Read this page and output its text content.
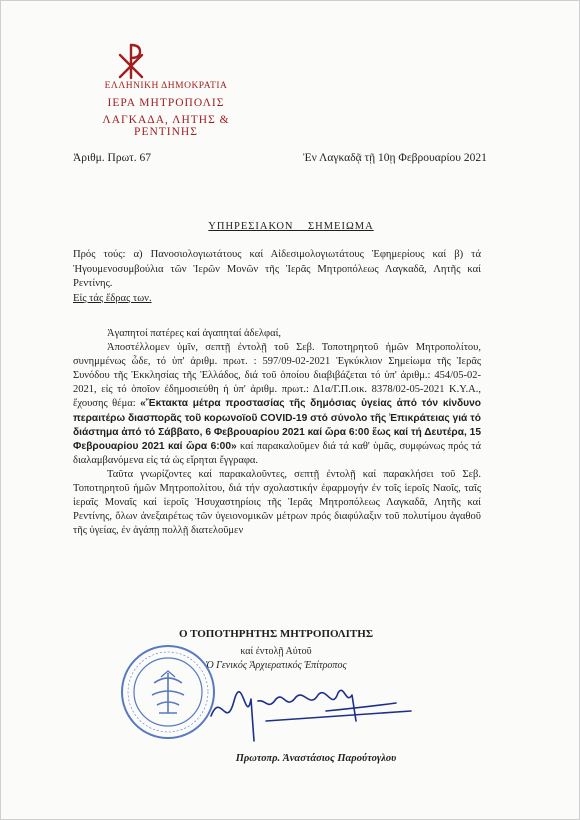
ΕΛΛΗΝΙΚΗ ΔΗΜΟΚΡΑΤΙΑ
ΙΕΡΑ ΜΗΤΡΟΠΟΛΙΣ
ΛΑΓΚΑΔΑ, ΛΗΤΗΣ & ΡΕΝΤΙΝΗΣ
Ἀριθμ. Πρωτ. 67	Ἐν Λαγκαδᾷ τῇ 10ῃ Φεβρουαρίου 2021
ΥΠΗΡΕΣΙΑΚΟΝ    ΣΗΜΕΙΩΜΑ
Πρός τούς: α) Πανοσιολογιωτάτους καί Αἰδεσιμολογιωτάτους Ἐφημερίους καί β) τά Ἡγουμενοσυμβούλια τῶν Ἱερῶν Μονῶν τῆς Ἱερᾶς Μητροπόλεως Λαγκαδᾶ, Λητῆς καί Ρεντίνης.
Εἰς τάς ἕδρας των.

Ἀγαπητοί πατέρες καί ἀγαπηταί ἀδελφαί,

Ἀποστέλλομεν ὑμῖν, σεπτῇ ἐντολῇ τοῦ Σεβ. Τοποτηρητοῦ ἡμῶν Μητροπολίτου, συνημμένως ὧδε, τό ὑπ' ἀριθμ. πρωτ. : 597/09-02-2021 Ἐγκύκλιον Σημείωμα τῆς Ἱερᾶς Συνόδου τῆς Ἐκκλησίας τῆς Ἑλλάδος, διά τοῦ ὁποίου διαβιβάζεται τό ὑπ' ἀριθμ.: 454/05-02-2021, εἰς τό ὁποῖον ἐδημοσιεύθη ἡ ὑπ' ἀριθμ. πρωτ.: Δ1α/Γ.Π.οικ. 8378/02-05-2021 Κ.Υ.Α., ἔχουσης θέμα: «Ἔκτακτα μέτρα προστασίας τῆς δημόσιας ὑγείας ἀπό τόν κίνδυνο περαιτέρω διασπορᾶς τοῦ κορωνοϊοῦ COVID-19 στό σύνολο τῆς Ἐπικράτειας γιά τό διάστημα ἀπό τό Σάββατο, 6 Φεβρουαρίου 2021 καί ὥρα 6:00 ἕως καί τή Δευτέρα, 15 Φεβρουαρίου 2021 καί ὥρα 6:00» καί παρακαλοῦμεν διά τά καθ' ὑμᾶς, συμφώνως πρός τά διαλαμβανόμενα εἰς τά ὡς εἴρηται ἔγγραφα.

Ταῦτα γνωρίζοντες καί παρακαλοῦντες, σεπτῇ ἐντολῇ καί παρακλήσει τοῦ Σεβ. Τοποτηρητοῦ ἡμῶν Μητροπολίτου, διά τήν σχολαστικήν ἐφαρμογήν ἐν τοῖς ἱεροῖς Ναοῖς, ταῖς ἱεραῖς Μοναῖς καί ἱεροῖς Ἡσυχαστηρίοις τῆς Ἱερᾶς Μητροπόλεως Λαγκαδᾶ, Λητῆς καί Ρεντίνης, ὅλων ἀνεξαιρέτως τῶν ὑγειονομικῶν μέτρων πρός διαφύλαξιν τοῦ πολυτίμου ἀγαθοῦ τῆς ὑγείας, ἐν ἀγάπῃ πολλῇ διατελοῦμεν

Ο ΤΟΠΟΤΗΡΗΤΗΣ ΜΗΤΡΟΠΟΛΙΤΗΣ
καί ἐντολῇ Αὐτοῦ
Ὁ Γενικός Ἀρχιερατικός Ἐπίτροπος
Πρωτοπρ. Ἀναστάσιος Παρούτογλου
